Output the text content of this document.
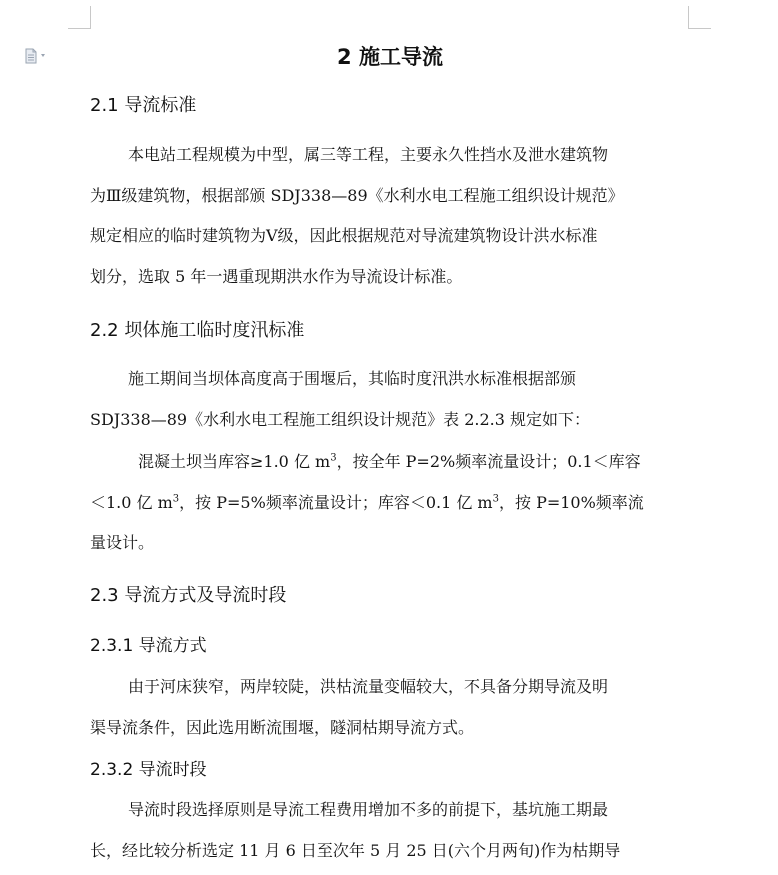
2 施工导流
2.1 导流标准
本电站工程规模为中型，属三等工程，主要永久性挡水及泄水建筑物
为Ⅲ级建筑物，根据部颁 SDJ338—89《水利水电工程施工组织设计规范》
规定相应的临时建筑物为Ⅴ级，因此根据规范对导流建筑物设计洪水标准
划分，选取 5 年一遇重现期洪水作为导流设计标准。
2.2 坝体施工临时度汛标准
施工期间当坝体高度高于围堰后，其临时度汛洪水标准根据部颁
SDJ338—89《水利水电工程施工组织设计规范》表 2.2.3 规定如下：
混凝土坝当库容≥1.0 亿 $m^3$，按全年 P=2%频率流量设计；0.1＜库容
＜1.0 亿 $m^3$，按 P=5%频率流量设计；库容＜0.1 亿 $m^3$，按 P=10%频率流
量设计。
2.3 导流方式及导流时段
2.3.1 导流方式
由于河床狭窄，两岸较陡，洪枯流量变幅较大，不具备分期导流及明
渠导流条件，因此选用断流围堰，隧洞枯期导流方式。
2.3.2 导流时段
导流时段选择原则是导流工程费用增加不多的前提下，基坑施工期最
长，经比较分析选定 11 月 6 日至次年 5 月 25 日(六个月两旬)作为枯期导
